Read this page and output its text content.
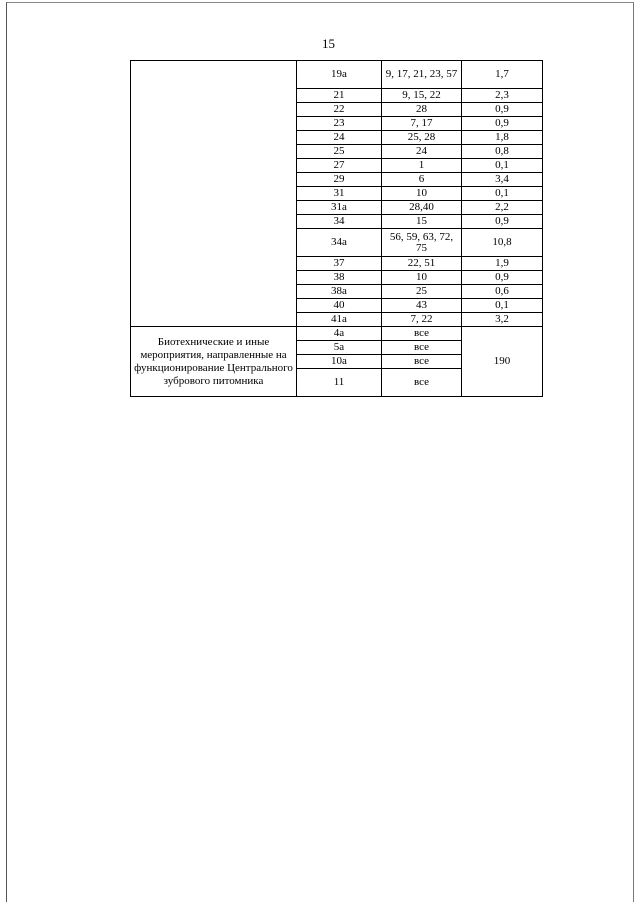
15
	19а	9, 17, 21, 23, 57	1,7
	21	9, 15, 22	2,3
	22	28	0,9
	23	7, 17	0,9
	24	25, 28	1,8
	25	24	0,8
	27	1	0,1
	29	6	3,4
	31	10	0,1
	31а	28,40	2,2
	34	15	0,9
	34а	56, 59, 63, 72, 75	10,8
	37	22, 51	1,9
	38	10	0,9
	38а	25	0,6
	40	43	0,1
	41а	7, 22	3,2
Биотехнические и иные мероприятия, направленные на функционирование Центрального зубрового питомника	4а	все	190
	5а	все	
	10а	все	
	11	все	
